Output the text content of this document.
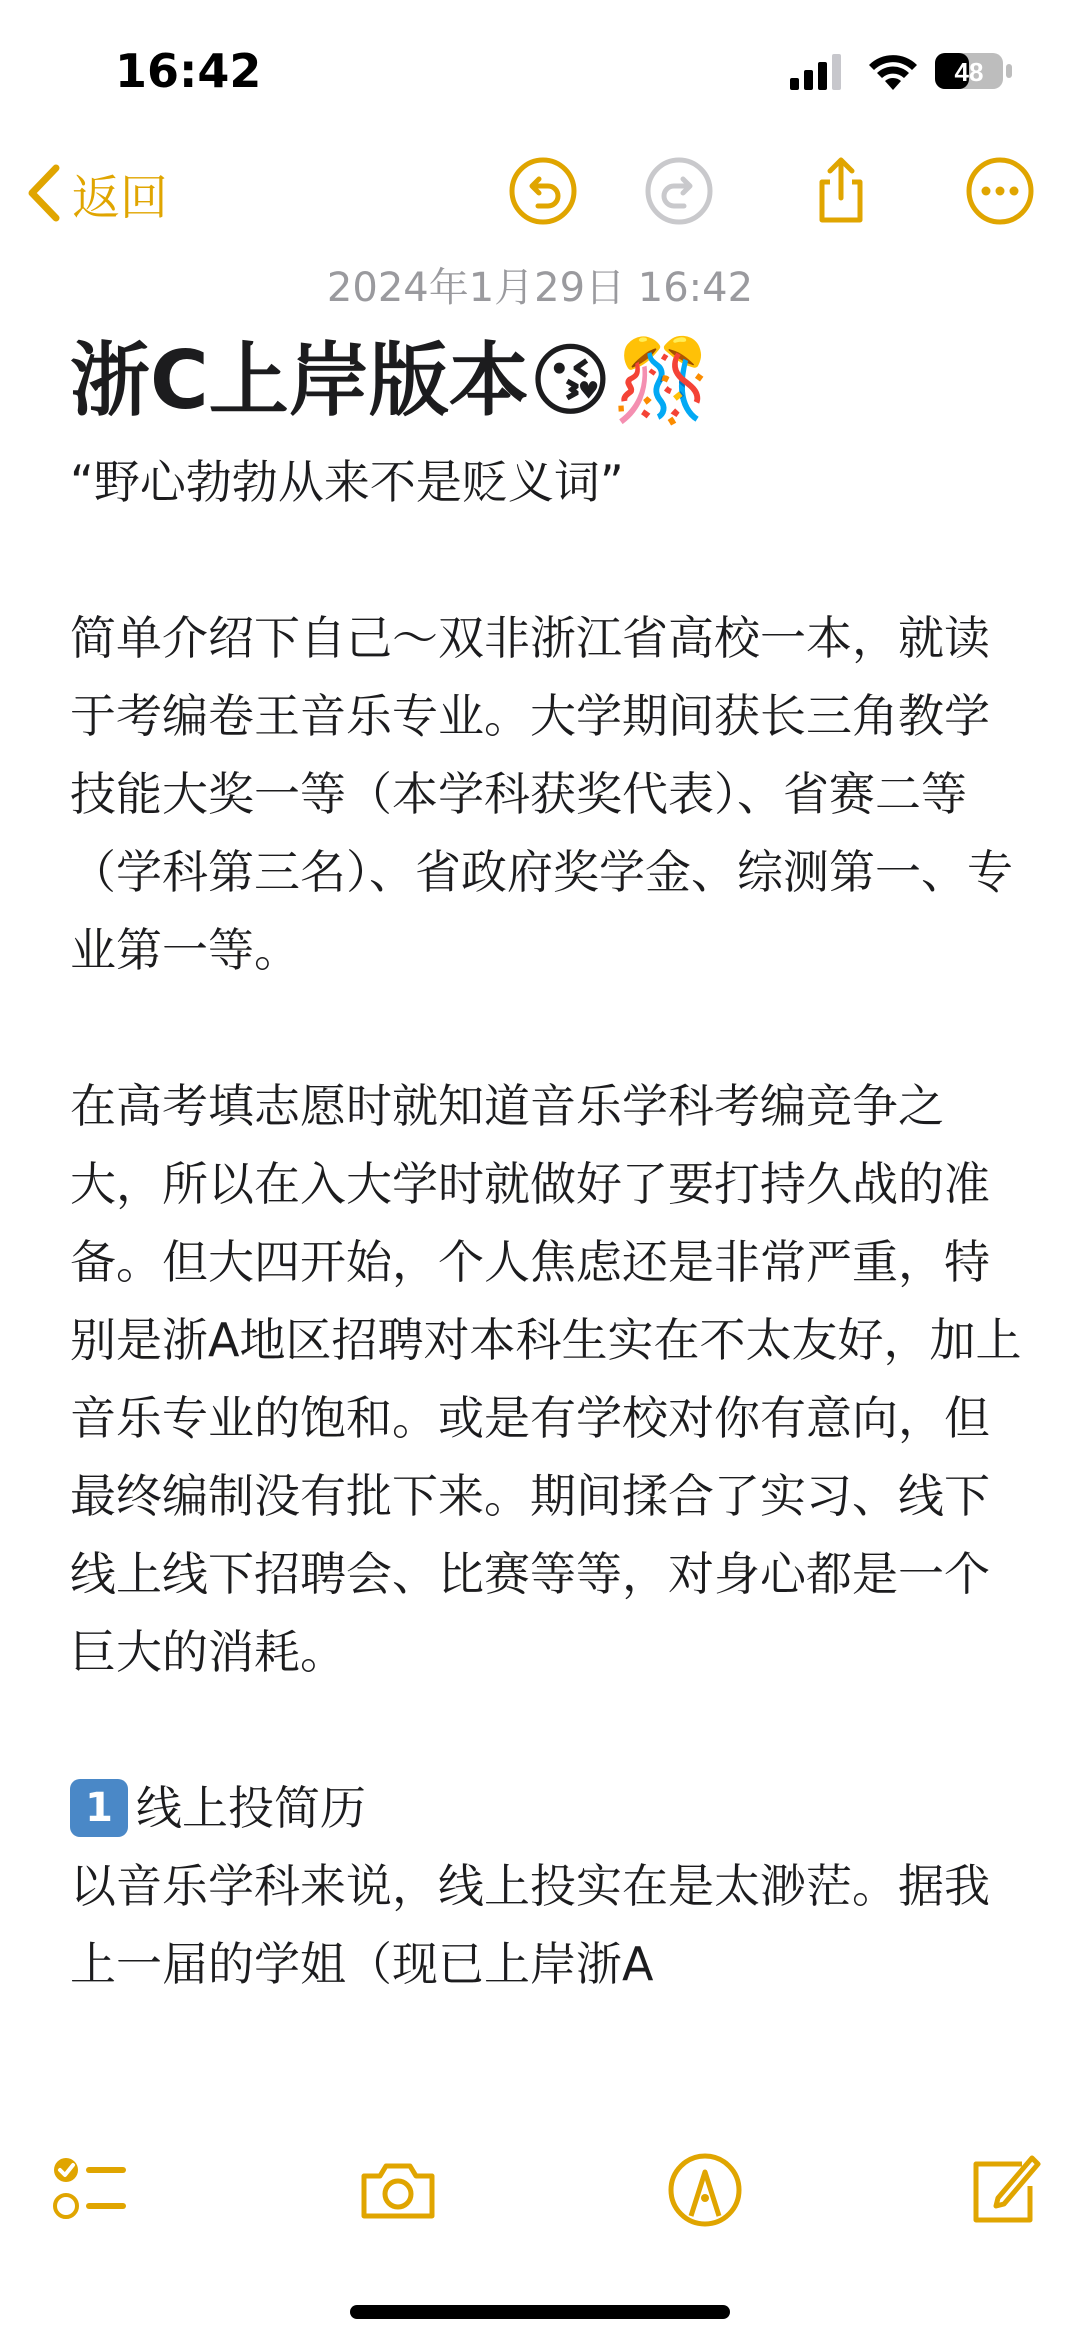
16:42	48
返回
2024年1月29日 16:42
浙C上岸版本😘🎊

“野心勃勃从来不是贬义词”

简单介绍下自己～双非浙江省高校一本，就读于考编卷王音乐专业。大学期间获长三角教学技能大奖一等（本学科获奖代表）、省赛二等（学科第三名）、省政府奖学金、综测第一、专业第一等。

在高考填志愿时就知道音乐学科考编竞争之大，所以在入大学时就做好了要打持久战的准备。但大四开始，个人焦虑还是非常严重，特别是浙A地区招聘对本科生实在不太友好，加上音乐专业的饱和。或是有学校对你有意向，但最终编制没有批下来。期间揉合了实习、线下线上线下招聘会、比赛等等，对身心都是一个巨大的消耗。

1 线上投简历

以音乐学科来说，线上投实在是太渺茫。据我上一届的学姐（现已上岸浙A
